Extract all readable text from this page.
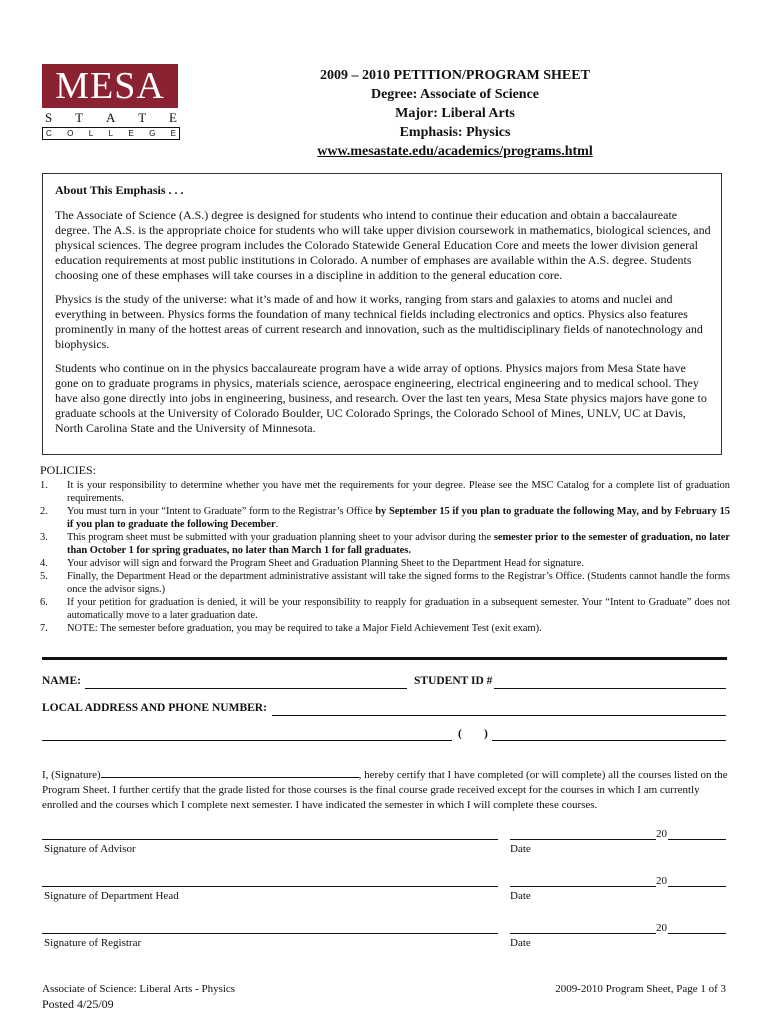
MESA
S T A T E
C O L L E G E
2009 – 2010 PETITION/PROGRAM SHEET
Degree: Associate of Science
Major: Liberal Arts
Emphasis: Physics
www.mesastate.edu/academics/programs.html
About This Emphasis . . .

The Associate of Science (A.S.) degree is designed for students who intend to continue their education and obtain a baccalaureate degree. The A.S. is the appropriate choice for students who will take upper division coursework in mathematics, biological sciences, and physical sciences. The degree program includes the Colorado Statewide General Education Core and meets the lower division general education requirements at most public institutions in Colorado. A number of emphases are available within the A.S. degree. Students choosing one of these emphases will take courses in a discipline in addition to the general education core.

Physics is the study of the universe: what it’s made of and how it works, ranging from stars and galaxies to atoms and nuclei and everything in between. Physics forms the foundation of many technical fields including electronics and optics. Physics also features prominently in many of the hottest areas of current research and innovation, such as the multidisciplinary fields of nanotechnology and biophysics.

Students who continue on in the physics baccalaureate program have a wide array of options. Physics majors from Mesa State have gone on to graduate programs in physics, materials science, aerospace engineering, electrical engineering and to medical school. They have also gone directly into jobs in engineering, business, and research. Over the last ten years, Mesa State physics majors have gone to graduate schools at the University of Colorado Boulder, UC Colorado Springs, the Colorado School of Mines, UNLV, UC at Davis, North Carolina State and the University of Minnesota.

POLICIES:
1.	It is your responsibility to determine whether you have met the requirements for your degree. Please see the MSC Catalog for a complete list of graduation requirements.
2.	You must turn in your “Intent to Graduate” form to the Registrar’s Office by September 15 if you plan to graduate the following May, and by February 15 if you plan to graduate the following December.
3.	This program sheet must be submitted with your graduation planning sheet to your advisor during the semester prior to the semester of graduation, no later than October 1 for spring graduates, no later than March 1 for fall graduates.
4.	Your advisor will sign and forward the Program Sheet and Graduation Planning Sheet to the Department Head for signature.
5.	Finally, the Department Head or the department administrative assistant will take the signed forms to the Registrar’s Office. (Students cannot handle the forms once the advisor signs.)
6.	If your petition for graduation is denied, it will be your responsibility to reapply for graduation in a subsequent semester. Your “Intent to Graduate” does not automatically move to a later graduation date.
7.	NOTE: The semester before graduation, you may be required to take a Major Field Achievement Test (exit exam).
NAME:	STUDENT ID #
LOCAL ADDRESS AND PHONE NUMBER:
( )
I, (Signature)	, hereby certify that I have completed (or will complete) all the courses listed on the Program Sheet. I further certify that the grade listed for those courses is the final course grade received except for the courses in which I am currently enrolled and the courses which I complete next semester. I have indicated the semester in which I will complete these courses.
Signature of Advisor
20
Date
Signature of Department Head
20
Date
Signature of Registrar
20
Date
Associate of Science: Liberal Arts - Physics
Posted 4/25/09
2009-2010 Program Sheet, Page 1 of 3
